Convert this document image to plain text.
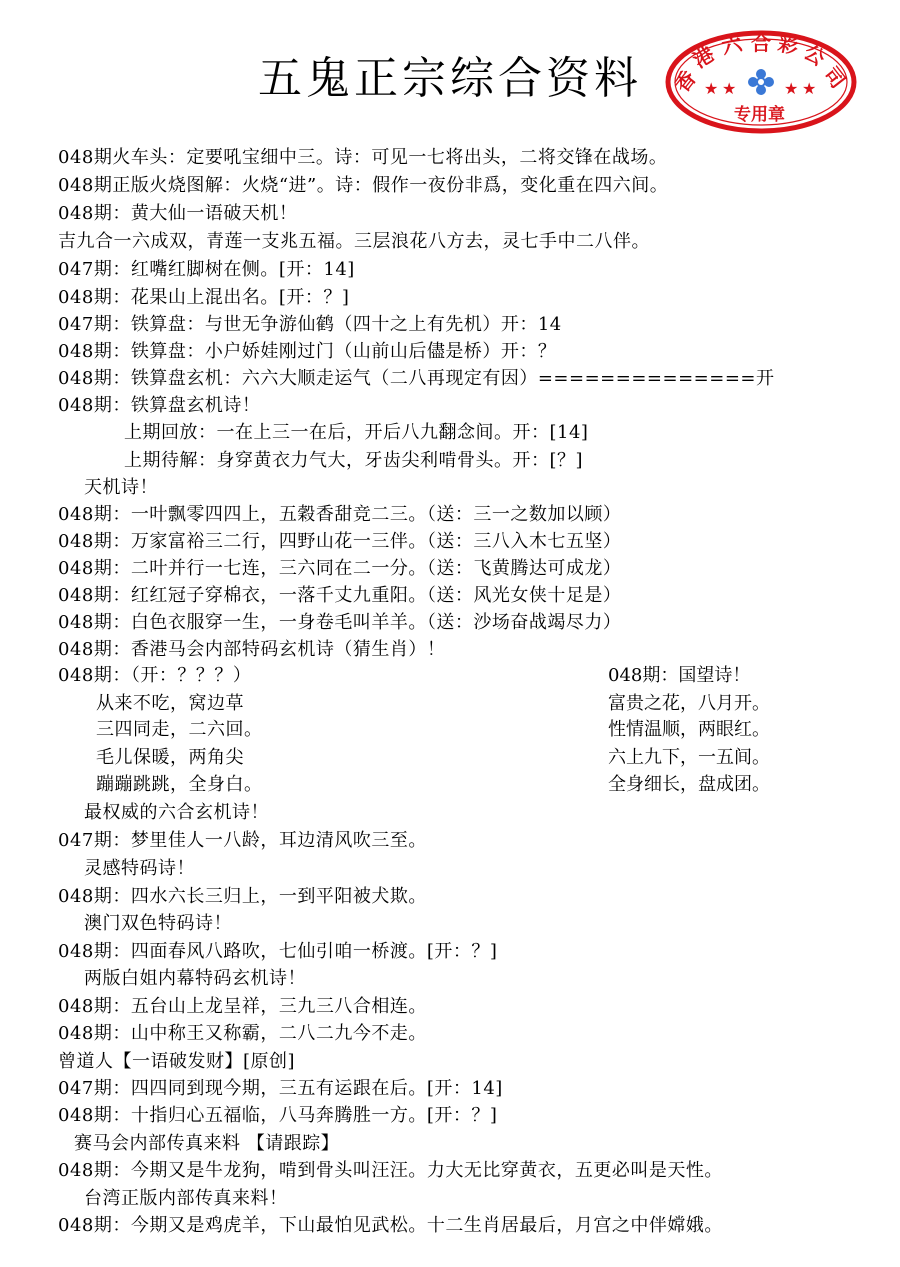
五鬼正宗综合资料	香
港 六 合 彩 公
司
专用章
★ ★	★ ★
048期火车头：定要吼宝细中三。诗：可见一七将出头，二将交锋在战场。
048期正版火烧图解：火烧“进”。诗：假作一夜份非爲，变化重在四六间。
048期：黄大仙一语破天机！
吉九合一六成双，青莲一支兆五福。三层浪花八方去，灵七手中二八伴。
047期：红嘴红脚树在侧。[开：14]
048期：花果山上混出名。[开：？]
047期：铁算盘：与世无争游仙鹤（四十之上有先机）开：14
048期：铁算盘：小户娇娃刚过门（山前山后儘是桥）开：？
048期：铁算盘玄机：六六大顺走运气（二八再现定有因）==============开
048期：铁算盘玄机诗！
上期回放：一在上三一在后，开后八九翻念间。开：[14]
上期待解：身穿黄衣力气大，牙齿尖利啃骨头。开：[？]
天机诗！
048期：一叶飘零四四上，五穀香甜竞二三。（送：三一之数加以顾）
048期：万家富裕三二行，四野山花一三伴。（送：三八入木七五坚）
048期：二叶并行一七连，三六同在二一分。（送：飞黄腾达可成龙）
048期：红红冠子穿棉衣，一落千丈九重阳。（送：风光女侠十足是）
048期：白色衣服穿一生，一身卷毛叫羊羊。（送：沙场奋战竭尽力）
048期：香港马会内部特码玄机诗（猜生肖）！
048期：（开：？？？）
从来不吃，窝边草
三四同走，二六回。
毛儿保暖，两角尖
蹦蹦跳跳，全身白。
最权威的六合玄机诗！
047期：梦里佳人一八龄，耳边清风吹三至。
灵感特码诗！
048期：四水六长三归上，一到平阳被犬欺。
澳门双色特码诗！
048期：四面春风八路吹，七仙引咱一桥渡。[开：？]
两版白姐内幕特码玄机诗！
048期：五台山上龙呈祥，三九三八合相连。
048期：山中称王又称霸，二八二九今不走。
曾道人【一语破发财】[原创]
047期：四四同到现今期，三五有运跟在后。[开：14]
048期：十指归心五福临，八马奔腾胜一方。[开：？]
赛马会内部传真来料 【请跟踪】
048期：今期又是牛龙狗，啃到骨头叫汪汪。力大无比穿黄衣，五更必叫是天性。
台湾正版内部传真来料！
048期：今期又是鸡虎羊，下山最怕见武松。十二生肖居最后，月宫之中伴嫦娥。
048期：国望诗！
富贵之花，八月开。
性情温顺，两眼红。
六上九下，一五间。
全身细长，盘成团。
